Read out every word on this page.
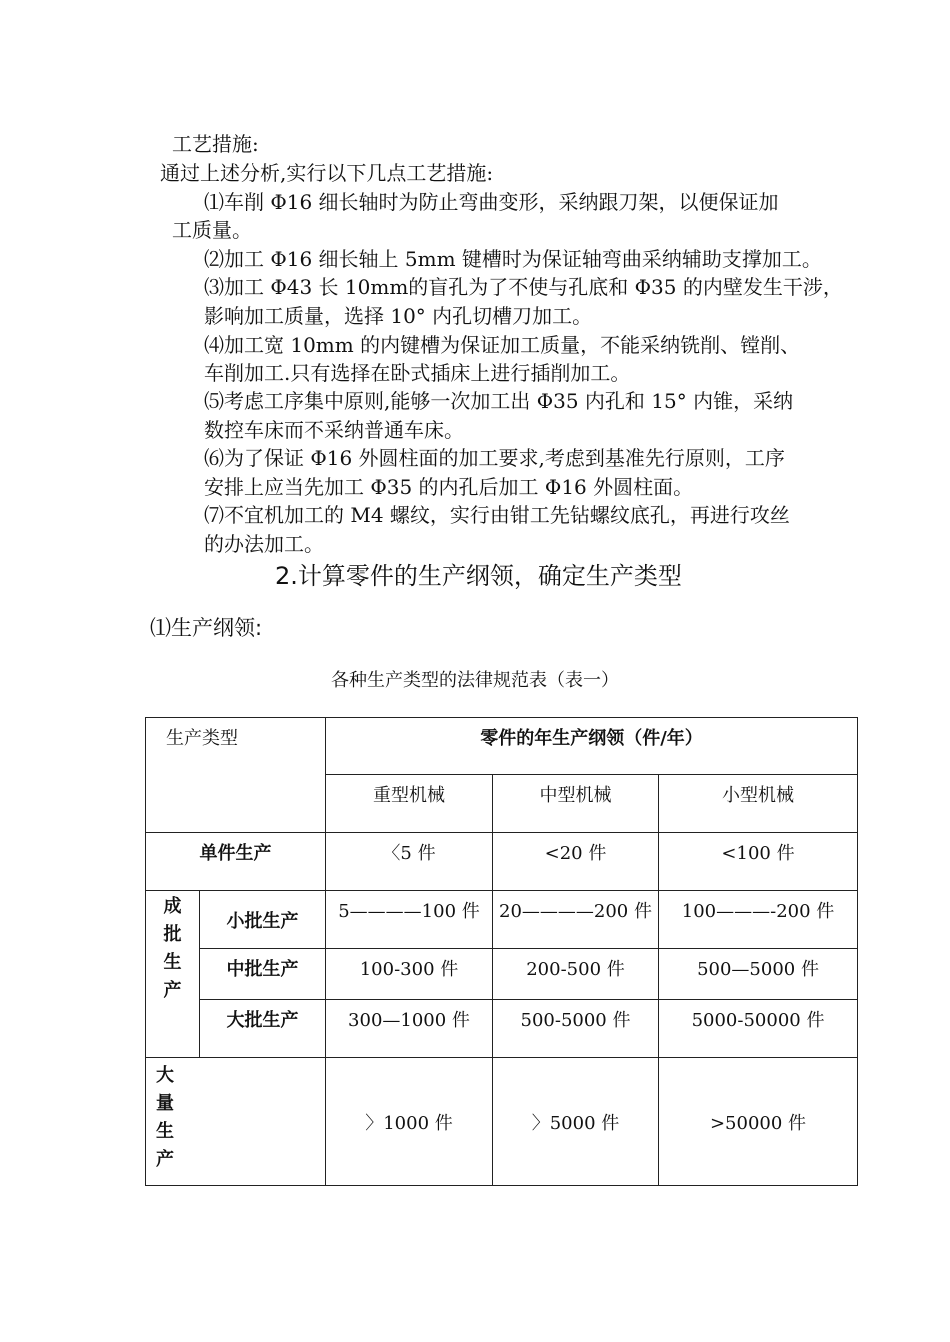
工艺措施:
通过上述分析,实行以下几点工艺措施:
⑴车削 Φ16 细长轴时为防止弯曲变形，采纳跟刀架，以便保证加
工质量。
⑵加工 Φ16 细长轴上 5mm 键槽时为保证轴弯曲采纳辅助支撑加工。
⑶加工 Φ43 长 10mm的盲孔为了不使与孔底和 Φ35 的内壁发生干涉，
影响加工质量，选择 10° 内孔切槽刀加工。
⑷加工宽 10mm 的内键槽为保证加工质量，不能采纳铣削、镗削、
车削加工.只有选择在卧式插床上进行插削加工。
⑸考虑工序集中原则,能够一次加工出 Φ35 内孔和 15° 内锥，采纳
数控车床而不采纳普通车床。
⑹为了保证 Φ16 外圆柱面的加工要求,考虑到基准先行原则，工序
安排上应当先加工 Φ35 的内孔后加工 Φ16 外圆柱面。
⑺不宜机加工的 M4 螺纹，实行由钳工先钻螺纹底孔，再进行攻丝
的办法加工。
2.计算零件的生产纲领，确定生产类型
⑴生产纲领:
各种生产类型的法律规范表（表一）
生产类型		零件的年生产纲领（件/年）		
		重型机械	中型机械	小型机械
单件生产		〈5 件	<20 件	<100 件

成批生产	小批生产	5————100 件	20————200 件	100———-200 件
	中批生产	100-300 件	200-500 件	500—5000 件
	大批生产	300—1000 件	500-5000 件	5000-50000 件

大量生产		〉1000 件	〉5000 件	>50000 件
